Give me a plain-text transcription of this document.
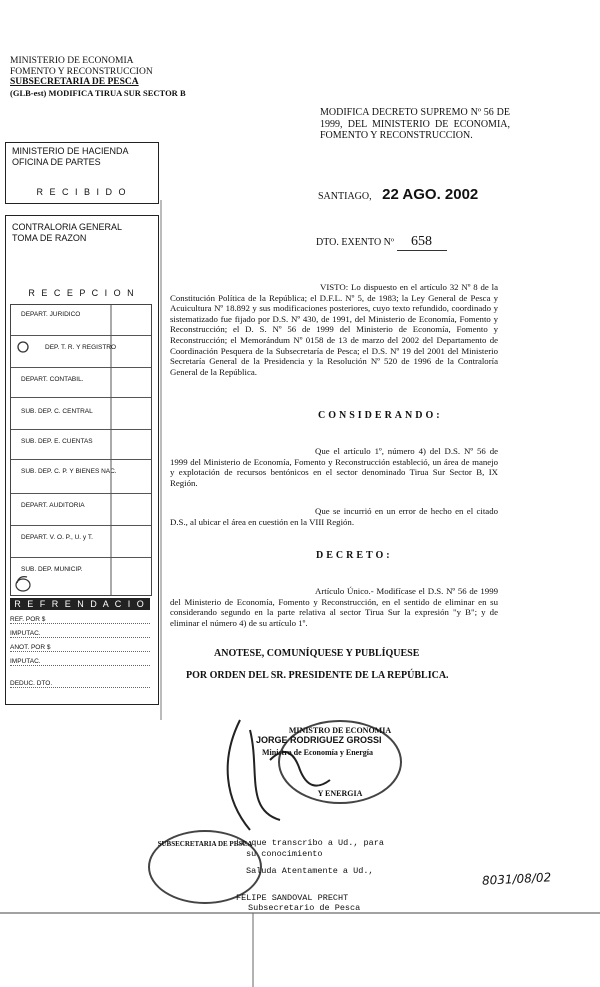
MINISTERIO DE ECONOMIA
FOMENTO Y RECONSTRUCCION
SUBSECRETARIA DE PESCA
(GLB-est) MODIFICA TIRUA SUR SECTOR B
MODIFICA DECRETO SUPREMO Nº 56 DE 1999, DEL MINISTERIO DE ECONOMIA, FOMENTO Y RECONSTRUCCION.
MINISTERIO DE HACIENDA
OFICINA DE PARTES
R E C I B I D O
CONTRALORIA GENERAL
TOMA DE RAZON
R E C E P C I O N
DEPART. JURIDICO
DEP. T. R. Y REGISTRO
DEPART. CONTABIL.
SUB. DEP. C. CENTRAL
SUB. DEP. E. CUENTAS
SUB. DEP. C. P. Y BIENES NAC.
DEPART. AUDITORIA
DEPART. V. O. P., U. y T.
SUB. DEP. MUNICIP.
R E F R E N D A C I O N
REF. POR $
IMPUTAC.
ANOT. POR $
IMPUTAC.
DEDUC. DTO.
SANTIAGO, 22 AGO. 2002
DTO. EXENTO Nº 658
VISTO: Lo dispuesto en el artículo 32 Nº 8 de la Constitución Política de la República; el D.F.L. Nº 5, de 1983; la Ley General de Pesca y Acuicultura Nº 18.892 y sus modificaciones posteriores, cuyo texto refundido, coordinado y sistematizado fue fijado por D.S. Nº 430, de 1991, del Ministerio de Economía, Fomento y Reconstrucción; el D. S. Nº 56 de 1999 del Ministerio de Economía, Fomento y Reconstrucción; el Memorándum Nº 0158 de 13 de marzo del 2002 del Departamento de Coordinación Pesquera de la Subsecretaría de Pesca; el D.S. Nº 19 del 2001 del Ministerio Secretaría General de la Presidencia y la Resolución Nº 520 de 1996 de la Contraloría General de la República.
CONSIDERANDO:
Que el artículo 1º, número 4) del D.S. Nº 56 de 1999 del Ministerio de Economía, Fomento y Reconstrucción estableció, un área de manejo y explotación de recursos bentónicos en el sector denominado Tirua Sur Sector B, IX Región.
Que se incurrió en un error de hecho en el citado D.S., al ubicar el área en cuestión en la VIII Región.
DECRETO:
Artículo Único.- Modifícase el D.S. Nº 56 de 1999 del Ministerio de Economía, Fomento y Reconstrucción, en el sentido de eliminar en su considerando segundo en la parte relativa al sector Tirua Sur la expresión "y B"; y de eliminar el número 4) de su artículo 1º.
ANOTESE, COMUNÍQUESE Y PUBLÍQUESE
POR ORDEN DEL SR. PRESIDENTE DE LA REPÚBLICA.
MINISTRO DE ECONOMIA
Y ENERGIA
JORGE RODRIGUEZ GROSSI
Ministro de Economía y Energía
SUBSECRETARIA DE PESCA
Lo que transcribo a Ud., para
su conocimiento
Saluda Atentamente a Ud.,	8031/08/02
FELIPE SANDOVAL PRECHT
Subsecretario de Pesca
